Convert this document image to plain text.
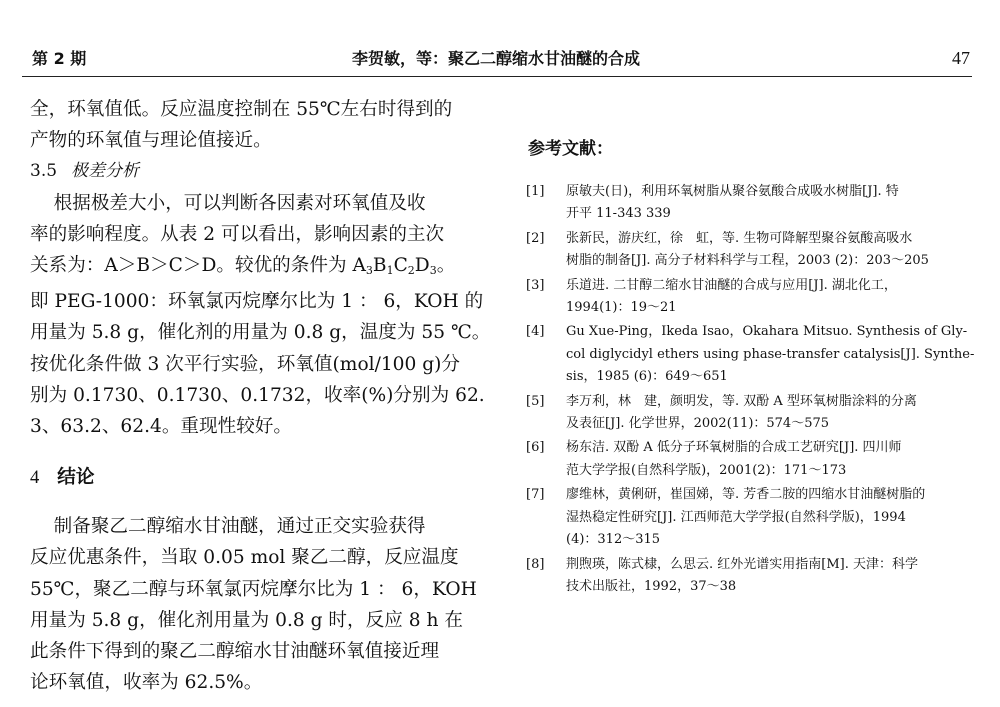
第 2 期	李贺敏，等：聚乙二醇缩水甘油醚的合成	47

全，环氧值低。反应温度控制在 55℃左右时得到的

产物的环氧值与理论值接近。

3.5 极差分析

根据极差大小，可以判断各因素对环氧值及收

率的影响程度。从表 2 可以看出，影响因素的主次

关系为：A＞B＞C＞D。较优的条件为 $A_3B_1C_2D_3$。

即 PEG-1000：环氧氯丙烷摩尔比为 1 ： 6，KOH 的

用量为 5.8 g，催化剂的用量为 0.8 g，温度为 55 ℃。

按优化条件做 3 次平行实验，环氧值(mol/100 g)分

别为 0.1730、0.1730、0.1732，收率(%)分别为 62.

3、63.2、62.4。重现性较好。

4 结论

制备聚乙二醇缩水甘油醚，通过正交实验获得

反应优惠条件，当取 0.05 mol 聚乙二醇，反应温度

55℃，聚乙二醇与环氧氯丙烷摩尔比为 1 ： 6，KOH

用量为 5.8 g，催化剂用量为 0.8 g 时，反应 8 h 在

此条件下得到的聚乙二醇缩水甘油醚环氧值接近理

论环氧值，收率为 62.5%。

参考文献：
[1] 原敏夫(日)，利用环氧树脂从聚谷氨酸合成吸水树脂[J]. 特
开平 11-343 339
[2] 张新民，游庆红，徐　虹，等. 生物可降解型聚谷氨酸高吸水
树脂的制备[J]. 高分子材料科学与工程，2003 (2)：203～205
[3] 乐道进. 二甘醇二缩水甘油醚的合成与应用[J]. 湖北化工，
1994(1)：19～21
[4] Gu Xue-Ping，Ikeda Isao，Okahara Mitsuo. Synthesis of Gly-
col diglycidyl ethers using phase-transfer catalysis[J]. Synthe-
sis，1985 (6)：649～651
[5] 李万利，林　建，颜明发，等. 双酚 A 型环氧树脂涂料的分离
及表征[J]. 化学世界，2002(11)：574～575
[6] 杨东洁. 双酚 A 低分子环氧树脂的合成工艺研究[J]. 四川师
范大学学报(自然科学版)，2001(2)：171～173
[7] 廖维林，黄俐研，崔国娣，等. 芳香二胺的四缩水甘油醚树脂的
湿热稳定性研究[J]. 江西师范大学学报(自然科学版)，1994
(4)：312～315
[8] 荆煦瑛，陈式棣，么思云. 红外光谱实用指南[M]. 天津：科学
技术出版社，1992，37～38
